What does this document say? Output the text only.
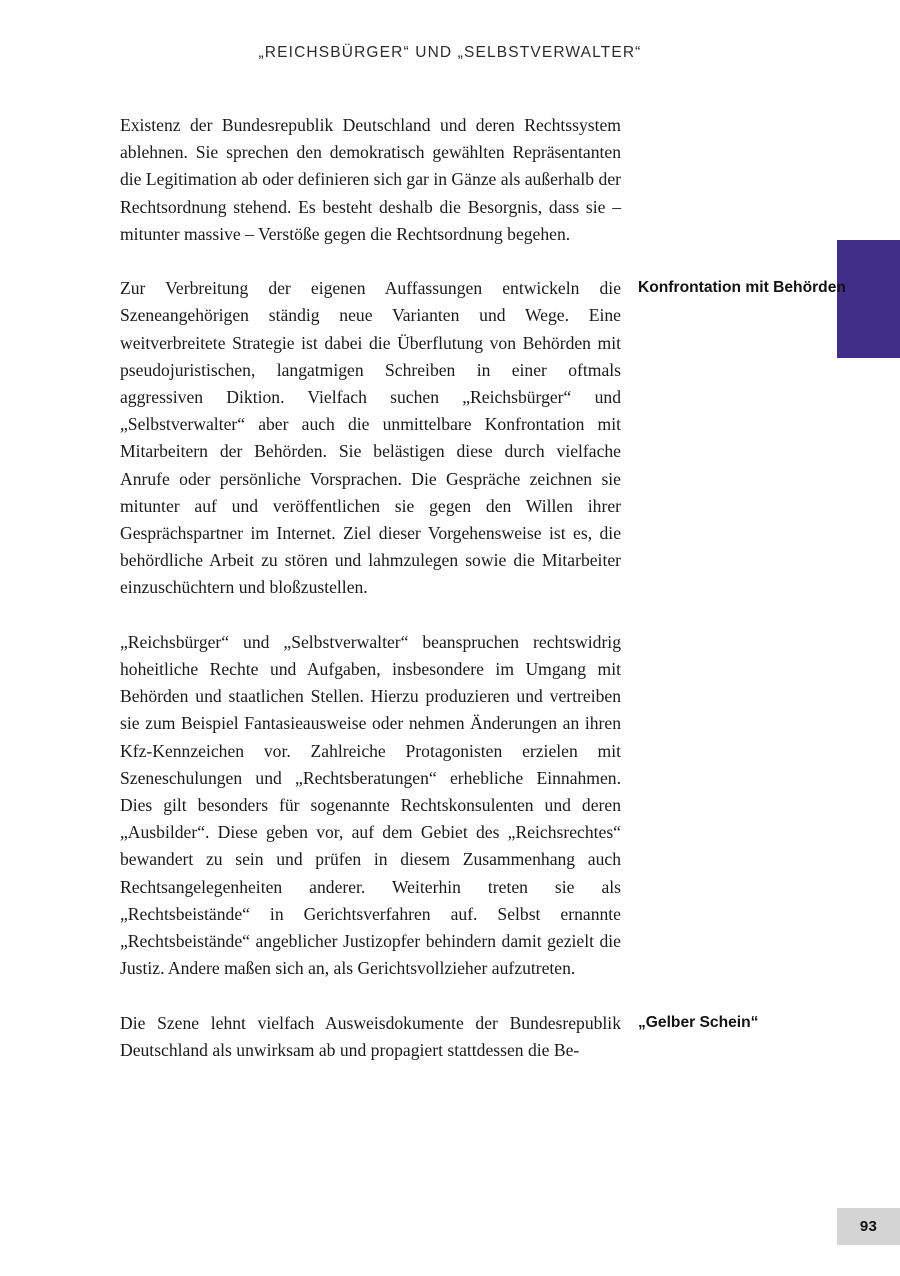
„REICHSBÜRGER“ UND „SELBSTVERWALTER“

Existenz der Bundesrepublik Deutschland und deren Rechtssystem ablehnen. Sie sprechen den demokratisch gewählten Repräsentanten die Legitimation ab oder definieren sich gar in Gänze als außerhalb der Rechtsordnung stehend. Es besteht deshalb die Besorgnis, dass sie – mitunter massive – Verstöße gegen die Rechtsordnung begehen.

Zur Verbreitung der eigenen Auffassungen entwickeln die Szeneangehörigen ständig neue Varianten und Wege. Eine weitverbreitete Strategie ist dabei die Überflutung von Behörden mit pseudojuristischen, langatmigen Schreiben in einer oftmals aggressiven Diktion. Vielfach suchen „Reichsbürger“ und „Selbstverwalter“ aber auch die unmittelbare Konfrontation mit Mitarbeitern der Behörden. Sie belästigen diese durch vielfache Anrufe oder persönliche Vorsprachen. Die Gespräche zeichnen sie mitunter auf und veröffentlichen sie gegen den Willen ihrer Gesprächspartner im Internet. Ziel dieser Vorgehensweise ist es, die behördliche Arbeit zu stören und lahmzulegen sowie die Mitarbeiter einzuschüchtern und bloßzustellen.

Konfrontation mit Behörden

„Reichsbürger“ und „Selbstverwalter“ beanspruchen rechtswidrig hoheitliche Rechte und Aufgaben, insbesondere im Umgang mit Behörden und staatlichen Stellen. Hierzu produzieren und vertreiben sie zum Beispiel Fantasieausweise oder nehmen Änderungen an ihren Kfz-Kennzeichen vor. Zahlreiche Protagonisten erzielen mit Szeneschulungen und „Rechtsberatungen“ erhebliche Einnahmen. Dies gilt besonders für sogenannte Rechtskonsulenten und deren „Ausbilder“. Diese geben vor, auf dem Gebiet des „Reichsrechtes“ bewandert zu sein und prüfen in diesem Zusammenhang auch Rechtsangelegenheiten anderer. Weiterhin treten sie als „Rechtsbeistände“ in Gerichtsverfahren auf. Selbst ernannte „Rechtsbeistände“ angeblicher Justizopfer behindern damit gezielt die Justiz. Andere maßen sich an, als Gerichtsvollzieher aufzutreten.

Die Szene lehnt vielfach Ausweisdokumente der Bundesrepublik Deutschland als unwirksam ab und propagiert stattdessen die Be-

„Gelber Schein“
93
